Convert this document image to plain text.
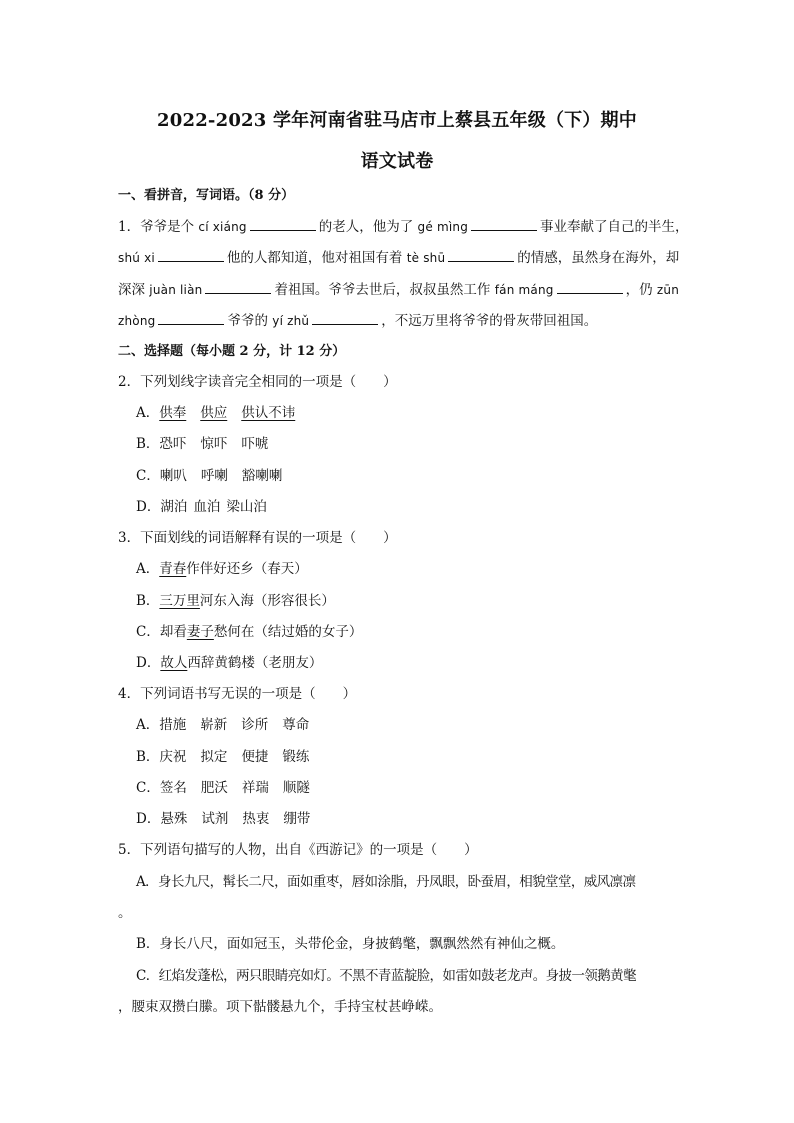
2022-2023 学年河南省驻马店市上蔡县五年级（下）期中
语文试卷
一、看拼音，写词语。（8 分）
1．爷爷是个 cí xiáng	的老人，他为了 gé mìng	事业奉献了自己的半生，
shú xi	他的人都知道，他对祖国有着 tè shū	的情感，虽然身在海外，却
深深 juàn liàn	着祖国。爷爷去世后，叔叔虽然工作 fán máng	，仍 zūn
zhòng	爷爷的 yí zhǔ	，不远万里将爷爷的骨灰带回祖国。
二、选择题（每小题 2 分，计 12 分）
2．下列划线字读音完全相同的一项是（　　）
A．供奉 供应 供认不讳
B．恐吓 惊吓 吓唬
C．喇叭 呼喇 豁喇喇
D．湖泊 血泊 梁山泊
3．下面划线的词语解释有误的一项是（　　）
A．青春作伴好还乡（春天）
B．三万里河东入海（形容很长）
C．却看妻子愁何在（结过婚的女子）
D．故人西辞黄鹤楼（老朋友）
4．下列词语书写无误的一项是（　　）
A．措施 崭新 诊所 尊命
B．庆祝 拟定 便捷 锻练
C．签名 肥沃 祥瑞 顺隧
D．悬殊 试剂 热衷 绷带
5．下列语句描写的人物，出自《西游记》的一项是（　　）
A．身长九尺，髯长二尺，面如重枣，唇如涂脂，丹凤眼，卧蚕眉，相貌堂堂，威风凛凛
。
B．身长八尺，面如冠玉，头带伦金，身披鹤氅，飘飘然然有神仙之概。
C．红焰发蓬松，两只眼睛亮如灯。不黑不青蓝靛脸，如雷如鼓老龙声。身披一领鹅黄氅
，腰束双攒白縢。项下骷髅悬九个，手持宝杖甚峥嵘。
